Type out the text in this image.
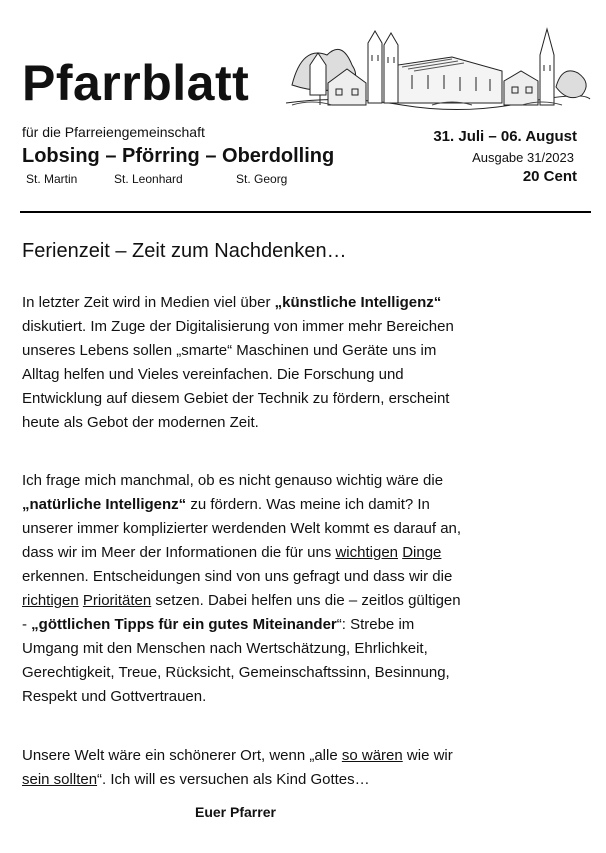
Pfarrblatt
für die Pfarreiengemeinschaft
Lobsing – Pförring – Oberdolling
St. Martin	St. Leonhard	St. Georg
31. Juli – 06. August
Ausgabe 31/2023
20 Cent
Ferienzeit – Zeit zum Nachdenken…

In letzter Zeit wird in Medien viel über „künstliche Intelligenz“ diskutiert. Im Zuge der Digitalisierung von immer mehr Bereichen unseres Lebens sollen „smarte“ Maschinen und Geräte uns im Alltag helfen und Vieles vereinfachen. Die Forschung und Entwicklung auf diesem Gebiet der Technik zu fördern, erscheint heute als Gebot der modernen Zeit.

Ich frage mich manchmal, ob es nicht genauso wichtig wäre die „natürliche Intelligenz“ zu fördern. Was meine ich damit? In unserer immer komplizierter werdenden Welt kommt es darauf an, dass wir im Meer der Informationen die für uns wichtigen Dinge erkennen. Entscheidungen sind von uns gefragt und dass wir die richtigen Prioritäten setzen. Dabei helfen uns die – zeitlos gültigen - „göttlichen Tipps für ein gutes Miteinander“: Strebe im Umgang mit den Menschen nach Wertschätzung, Ehrlichkeit, Gerechtigkeit, Treue, Rücksicht, Gemeinschaftssinn, Besinnung, Respekt und Gottvertrauen.

Unsere Welt wäre ein schönerer Ort, wenn „alle so wären wie wir sein sollten“. Ich will es versuchen als Kind Gottes…

Euer Pfarrer
